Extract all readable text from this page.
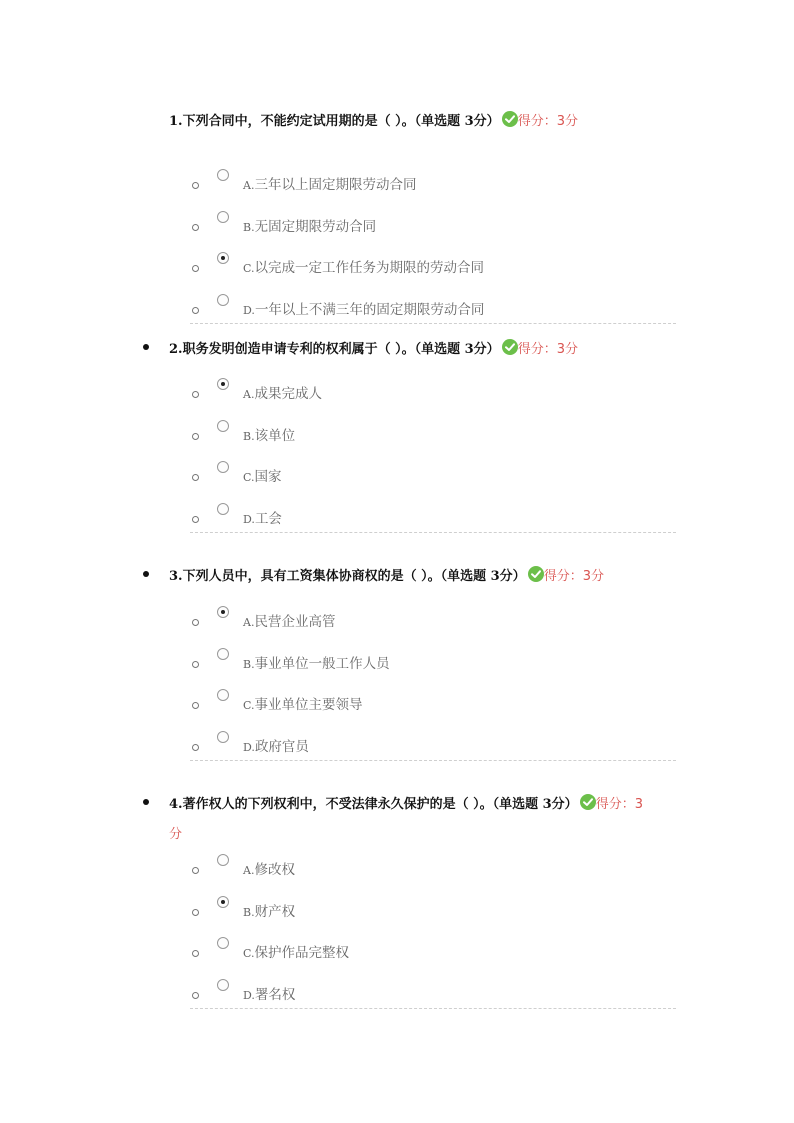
1.下列合同中，不能约定试用期的是（ ）。（单选题 3分） 得分：3分
A.三年以上固定期限劳动合同
B.无固定期限劳动合同
C.以完成一定工作任务为期限的劳动合同
D.一年以上不满三年的固定期限劳动合同
2.职务发明创造申请专利的权利属于（ ）。（单选题 3分） 得分：3分
A.成果完成人
B.该单位
C.国家
D.工会
3.下列人员中，具有工资集体协商权的是（ ）。（单选题 3分） 得分：3分
A.民营企业高管
B.事业单位一般工作人员
C.事业单位主要领导
D.政府官员
4.著作权人的下列权利中，不受法律永久保护的是（ ）。（单选题 3分） 得分：3
分
A.修改权
B.财产权
C.保护作品完整权
D.署名权
